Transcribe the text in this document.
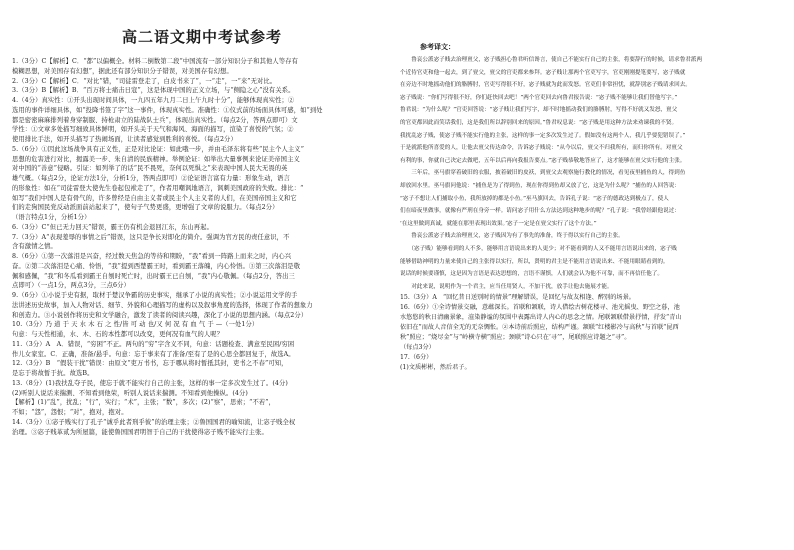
高二语文期中考试参考

1.（3分）C【解析】C．“都”以偏概全。材料二倒数第二段“中国流有一部分知识分子和其他人等存有

模糊思想，对美国存有幻想”，据此还有部分知识分子错误，对美国存有幻想。

2.（3分）C【解析】C．“对比”错，“司徒雷登走了，白皮书来了”，一“走”，一“来”无对比。

3.（3分）B【解析】B．“百万将士痛击日寇”，这是体现中国的正义立场，与“侧隐之心”没有关系。

4.（4分）真实性：①开头出现时间具体，一九四五年九月二日上午九时十分”，能够体现真实性；②

选用的事件详细具体，如“投降书签了字”这一事件，体现真实性。准确性：①仪式前的场面具体可感，如“到处

都是密密麻麻排列着身穿制服、持枪肃立的陆战队士兵”，体现出真实性。（每点2分，答两点即可）文

学性：①文章多处描写细致具体鲜明，如开头关于天气和海风、海面的描写，渲染了喜悦的气氛；②

使用排比手法，如开头描写了热闹场面，让读者感觉到胜利的喜悦。（每点2分）

5.（6分）①因此这场战争具有正义性，正是对比论证：如此哦一步，并由毛泽东将有些“民主个人主义”

思想的危害进行对比，揭露美一步、朱自清的民族精神。举例论证：如举出大量事例来论证美帝国主义

对中国的“善意”侵略。引证：如列举了的话“民不畏死，奈何以死惧之”来表现中国人民大无畏的英

雄气概。（每点2分，论证方法1分，分析1分，答两点即可）②论证语言富有力量：形象生动，语言

的形象性：如在“司徒雷登大使先生卷起包袱走了”，作者用嘲讽地语言，讽刺美国政府的失败。排比：“

如写“我们中国人是有骨气的，许多曾经是自由主义者或民主个人主义者的人们，在美国帝国主义和它

们的走狗国民党反动派面前站起来了”，使句子气势更盛，更增强了文章的说服力。（每点2分）

（语言特点1分，分析1分）

6.（3分）C“但已无力回天”错误，霸王仍有机会退回江东，东山再起。

7.（3分）A“表现羞辱的事情之后”错误，这只是争长对即化的简介。强调为官方民的责任意识，不

含有激情之情。

8.（6分）①第一次落泪是兴奋，经过数天焦急的等待和期盼，“我”看到一阵路上而来之时，内心兴

奋。②第二次落泪是心痛、怜悟，“我”提到西楚霸王时，看到霸王落魄，内心怜悟。③第三次落泪是敬

佩和感佩，“我”和冬瓜看到霸王自刎时死亡时，出时霸王已自刎，“我”内心敬佩。（每点2分，答出三

点即可）（一点1分，两点3分，三点6分）

9.（6分）①小说于史有据，取材于楚汉争霸的历史事实，继承了小说的真实性；②小说运用文学的手

法讲述历史故事，加入人物对话、细节、外貌和心理描写的虚构以及叙事角度的选择，体现了作者的想象力

和创造力。③小说创作将历史和文学融合，激发了读者的阅读兴趣，深化了小说的思想内涵。（每点2分）

10.（3分）乃 道 于 天 水 木 石 之 性/皆 可 动 也/又 何 况 有 血 气 于 —（一处1分）

句意：与天性相通，水、木、石的本性都可以改变，更何况有血气的人呢？

11.（3分）A　A．错误，“穷困”不正。两句的“穷”字含义不同，句意：话题检查、满意至民困/穷困

作儿女家室。C．正确，准备/悬乎。句意：忘于事来有了准备/至有了是的心思全都回复于，故选A。

12.（3分）B　“假装干扰”错误：由原文“吏万书书，忘于哪从将时暂抵其封，吏书之不春”可知，

是忘于将故暂于抗。故选B。

13.（8分）(1)我扶乱夺子民，使忘于就不能实行自己的主张，这样的事一定多次发生过了。(4分)

(2)听别人说话来揣测、不知看到他荣，听别人说话来揣测。不知看到他操纵。(4分)

【解析】(1)“乱”，扰乱；“行”，实行；“术”，主张；“数”，多次；(2)“察”，思索；“不若”，

不如；“怨”，怨恨；“对”，抱对，抱对。

14.（3分）①宓子贱实行了孔子“诚乎此者刑乎彼”的治理主张；②鲁国国君的喻知流，让宓子贱全权

治理。③宓子贱革贰为所屋篇，能使鲁国国君明智于自己的干扰使得宓子贱不能实行主张。

参考译文：

　　鲁哀公派宓子贱去治理亶父，宓子贱担心鲁君听信谗言，使自己不能实行自己的主张，将要辞行的时候，请求鲁君派两

个近侍官吏和他一起去，到了亶父，亶父的官吏都来参拜。宓子贱让那两个官吏写字，官吏刚刚提笔要写，宓子贱就

在旁边不时地摇动他们的胳膊肘，官吏写得很不好，宓子贱就为此而发怒。官吏们非常担忧，就辞别宓子贱请求回去。

宓子贱说：“你们写得很不好，你们赶快回去吧！”两个官吏回去向鲁君报告说：“宓子贱不能够让我们替他写字。”

鲁君说：“为什么呢？”官吏回答说：“宓子贱让我们写字，却不时地摇动我们的胳膊肘，写得不好就又发怒，亶父

的官吏都因此而笑话我们，这是我们所以辞别回来的原因。”鲁君叹息说：“宓子贱是用这种方法来劝谏我的不贤。

我扰乱宓子贱，使宓子贱不能实行他的主张，这样的事一定多次发生过了。假如没有这两个人，我几乎要犯错误了。”

于是就派他所喜爱的人，让他去亶父传达命令，告诉宓子贱说：“从今以后，亶父不归我所有，而归你所有。对亶父

有利的事，你就自己决定去做吧，五年以后再向我报告要点。”宓子贱恭敬地答应了，这才能够在亶父实行他的主张。

　　三年后，巫马旗穿着破旧的衣服，披着破旧的皮袄，到亶父去观察施行教化的情况，看见夜里捕鱼的人，得到鱼

却放回水里。巫马旗问他说：“捕鱼是为了得到鱼，现在你得到鱼却又放了它，这是为什么呢？”捕鱼的人回答说：

“宓子不想让人们捕取小鱼，我所放掉的都是小鱼。”巫马旗回去，告诉孔子说：“宓子的德政达到极点了，使人

们在暗夜里做事，就像有严刑在身旁一样。请问宓子用什么方法达到这种地步的呢？”孔子说：“我曾经跟他说过：

‘在这里做到真诚，就能在那里表现出效果。’宓子一定是在亶父实行了这个方法。”

　　鲁哀公派宓子贱去治理亶父，宓子贱因为有了事先的准备，终于得以实行自己的主张。

　　（宓子贱）能够看到的人不多，能够用言语说出来的人更少；对不能看到的人又不能用言语说出来的，宓子贱

能够借助神明的力量来使自己的主张得以实行，所以，贤明的君主是不能用言语说出来、不能用眼睛看到的。

说话的时候要谨慎，这是因为言语是表达思想的，言语不谨慎，人们就会认为他不可靠，而不再信任他了。

　　对此来说，说明作为一个君主，应当任用贤人，不加干扰，放手让他去施展才能。

15.（3分）A　“回忆昔日送别时的情景”理解错误，是回忆与故友相逢、醉别的场景。

16.（6分）①全诗情景交融，意蕴深长。首联和颔联，诗人借绘古树花楼寻、池光摇曳、野空之暮，池

水悠悠的秋日清幽景象，渲染静谧的氛围中表露出诗人内心的思念之情。尾联颔联借景抒情，抒发“青山

依旧在”而故人音信全无的无奈惆怅。②本诗前后照应，结构严谨。颔联“红楼影冷与高秋”与首联“昆西

秋”照应；“烧尽金”与“岭横寺横”照应；颈联“诗心只在‘寻’”，尾联照应诗题之“寻”。

（每点3分）

17.（6分）

(1)文质彬彬，然后君子。
